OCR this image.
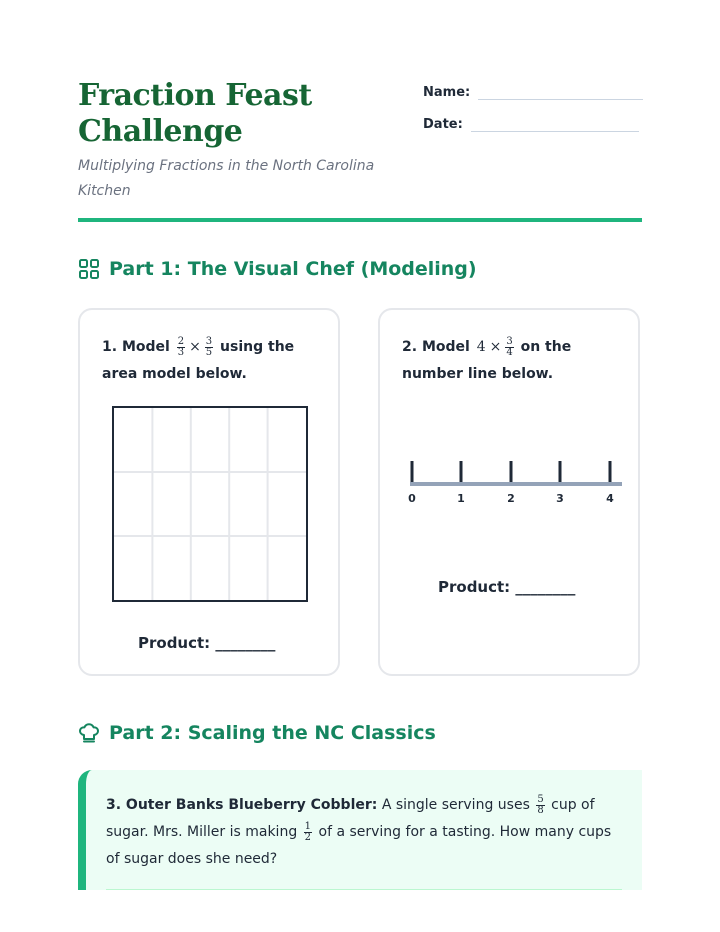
Fraction Feast Challenge
Multiplying Fractions in the North Carolina Kitchen
Name:
Date:
Part 1: The Visual Chef (Modeling)
1. Model $\frac{2}{3} \times \frac{3}{5}$ using the area model below.
Product: ________
2. Model $4 \times \frac{3}{4}$ on the number line below.
0	1	2	3	4
Product: ________
Part 2: Scaling the NC Classics
3. Outer Banks Blueberry Cobbler: A single serving uses $\frac{5}{8}$ cup of sugar. Mrs. Miller is making $\frac{1}{2}$ of a serving for a tasting. How many cups of sugar does she need?
